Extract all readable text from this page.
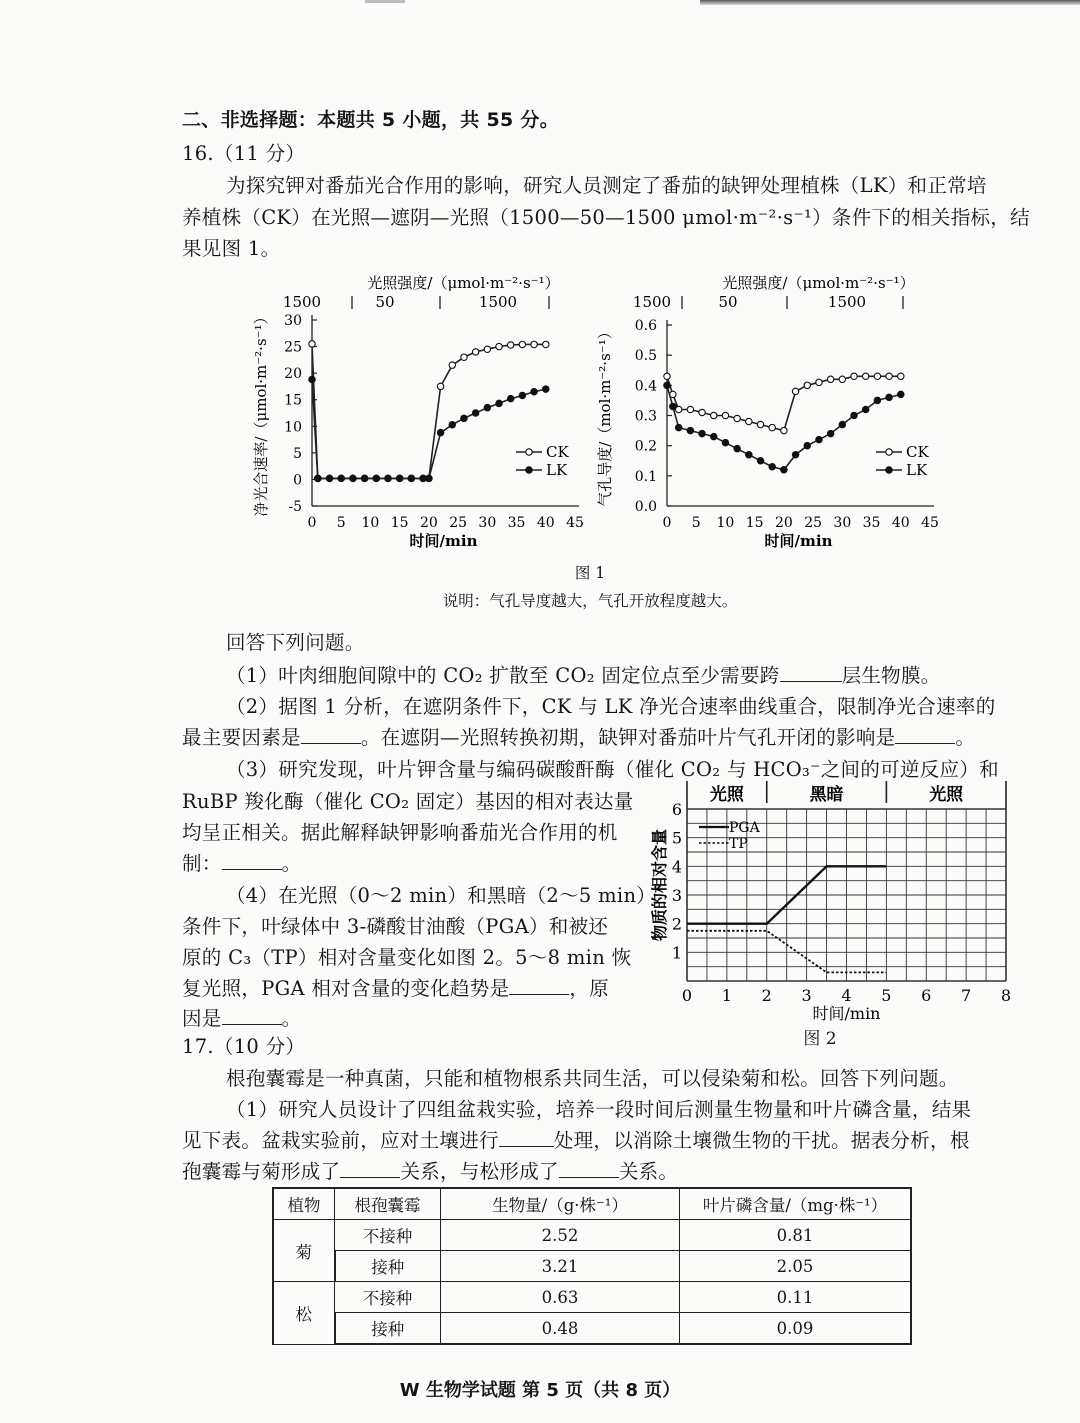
二、非选择题：本题共 5 小题，共 55 分。
16.（11 分）
为探究钾对番茄光合作用的影响，研究人员测定了番茄的缺钾处理植株（LK）和正常培
养植株（CK）在光照—遮阴—光照（1500—50—1500 μmol·m⁻²·s⁻¹）条件下的相关指标，结
果见图 1。
光照强度/（μmol·m⁻²·s⁻¹）
1500	50	1500
-5
0
5
10
15
20
25
30
0 5 10 15 20 25 30 35 40 45
时间/min
净光合速率/（μmol·m⁻²·s⁻¹）	CK
LK
光照强度/（μmol·m⁻²·s⁻¹）
1500	50	1500
0.0
0.1
0.2
0.3
0.4
0.5
0.6
0 5 10 15 20 25 30 35 40 45
时间/min
气孔导度/（mol·m⁻²·s⁻¹）	CK
LK
图 1
说明：气孔导度越大，气孔开放程度越大。
回答下列问题。
（1）叶肉细胞间隙中的 CO₂ 扩散至 CO₂ 固定位点至少需要跨	层生物膜。
（2）据图 1 分析，在遮阴条件下，CK 与 LK 净光合速率曲线重合，限制净光合速率的
最主要因素是	。在遮阴—光照转换初期，缺钾对番茄叶片气孔开闭的影响是	。
（3）研究发现，叶片钾含量与编码碳酸酐酶（催化 CO₂ 与 HCO₃⁻之间的可逆反应）和
RuBP 羧化酶（催化 CO₂ 固定）基因的相对表达量
均呈正相关。据此解释缺钾影响番茄光合作用的机
制：	。
（4）在光照（0～2 min）和黑暗（2～5 min）
条件下，叶绿体中 3-磷酸甘油酸（PGA）和被还
原的 C₃（TP）相对含量变化如图 2。5～8 min 恢
复光照，PGA 相对含量的变化趋势是	，原
因是	。
光照	黑暗	光照
1
2
3
4
5
6
0 1 2 3 4 5 6 7 8
时间/min
物质的相对含量
PGA
TP
图 2
17.（10 分）
根孢囊霉是一种真菌，只能和植物根系共同生活，可以侵染菊和松。回答下列问题。
（1）研究人员设计了四组盆栽实验，培养一段时间后测量生物量和叶片磷含量，结果
见下表。盆栽实验前，应对土壤进行	处理，以消除土壤微生物的干扰。据表分析，根
孢囊霉与菊形成了	关系，与松形成了	关系。
植物	根孢囊霉	生物量/（g·株⁻¹）	叶片磷含量/（mg·株⁻¹）
菊	不接种	2.52	0.81
	接种	3.21	2.05
松	不接种	0.63	0.11
	接种	0.48	0.09
W 生物学试题 第 5 页（共 8 页）
